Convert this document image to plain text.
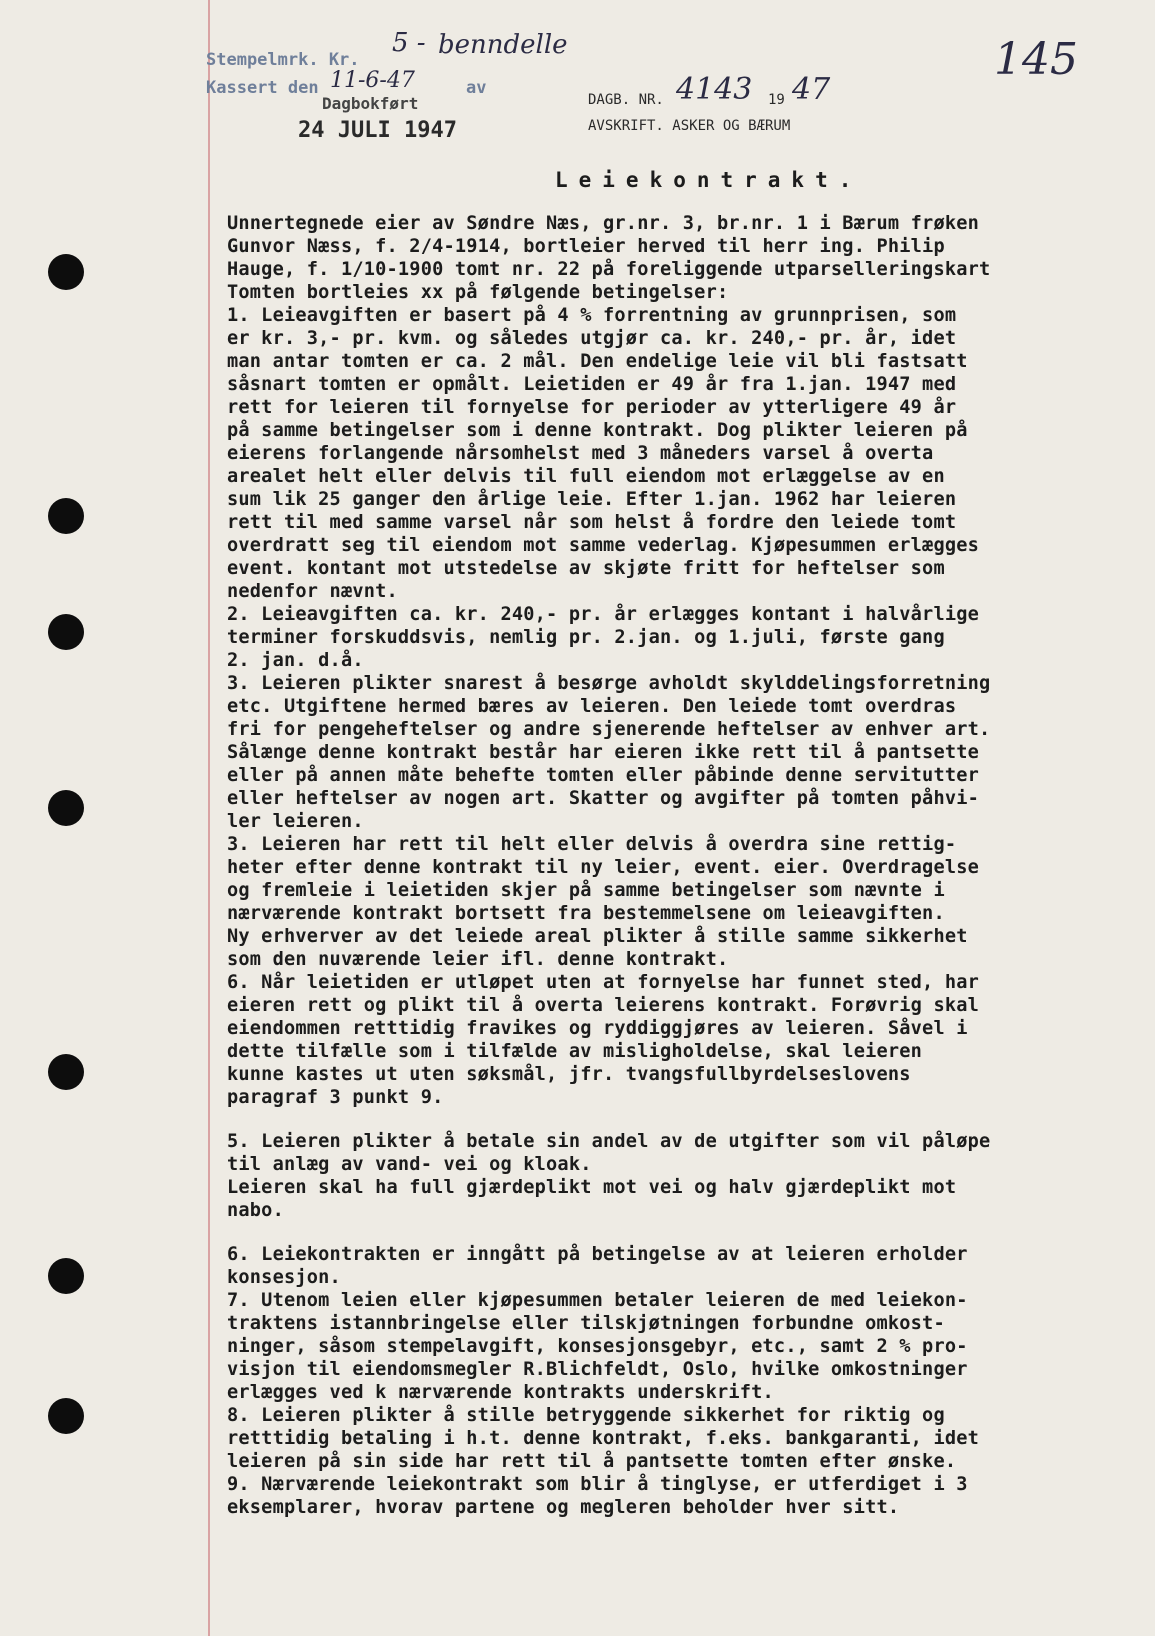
Stempelmrk. Kr.
5 -
Kassert den 11-6-47
benndelle
av
Dagbokført
24 JULI 1947
DAGB. NR. 4143 19 47
AVSKRIFT. ASKER OG BÆRUM
145
Leiekontrakt.
Unnertegnede eier av Søndre Næs, gr.nr. 3, br.nr. 1 i Bærum frøken
Gunvor Næss, f. 2/4-1914, bortleier herved til herr ing. Philip
Hauge, f. 1/10-1900 tomt nr. 22 på foreliggende utparselleringskart
Tomten bortleies xx på følgende betingelser:
1. Leieavgiften er basert på 4 % forrentning av grunnprisen, som
er kr. 3,- pr. kvm. og således utgjør ca. kr. 240,- pr. år, idet
man antar tomten er ca. 2 mål. Den endelige leie vil bli fastsatt
såsnart tomten er opmålt. Leietiden er 49 år fra 1.jan. 1947 med
rett for leieren til fornyelse for perioder av ytterligere 49 år
på samme betingelser som i denne kontrakt. Dog plikter leieren på
eierens forlangende nårsomhelst med 3 måneders varsel å overta
arealet helt eller delvis til full eiendom mot erlæggelse av en
sum lik 25 ganger den årlige leie. Efter 1.jan. 1962 har leieren
rett til med samme varsel når som helst å fordre den leiede tomt
overdratt seg til eiendom mot samme vederlag. Kjøpesummen erlægges
event. kontant mot utstedelse av skjøte fritt for heftelser som
nedenfor nævnt.
2. Leieavgiften ca. kr. 240,- pr. år erlægges kontant i halvårlige
terminer forskuddsvis, nemlig pr. 2.jan. og 1.juli, første gang
2. jan. d.å.
3. Leieren plikter snarest å besørge avholdt skylddelingsforretning
etc. Utgiftene hermed bæres av leieren. Den leiede tomt overdras
fri for pengeheftelser og andre sjenerende heftelser av enhver art.
Sålænge denne kontrakt består har eieren ikke rett til å pantsette
eller på annen måte behefte tomten eller påbinde denne servitutter
eller heftelser av nogen art. Skatter og avgifter på tomten påhvi-
ler leieren.
3. Leieren har rett til helt eller delvis å overdra sine rettig-
heter efter denne kontrakt til ny leier, event. eier. Overdragelse
og fremleie i leietiden skjer på samme betingelser som nævnte i
nærværende kontrakt bortsett fra bestemmelsene om leieavgiften.
Ny erhverver av det leiede areal plikter å stille samme sikkerhet
som den nuværende leier ifl. denne kontrakt.
6. Når leietiden er utløpet uten at fornyelse har funnet sted, har
eieren rett og plikt til å overta leierens kontrakt. Forøvrig skal
eiendommen retttidig fravikes og ryddiggjøres av leieren. Såvel i
dette tilfælle som i tilfælde av misligholdelse, skal leieren
kunne kastes ut uten søksmål, jfr. tvangsfullbyrdelseslovens
paragraf 3 punkt 9.
5. Leieren plikter å betale sin andel av de utgifter som vil påløpe
til anlæg av vand- vei og kloak.
Leieren skal ha full gjærdeplikt mot vei og halv gjærdeplikt mot
nabo.
6. Leiekontrakten er inngått på betingelse av at leieren erholder
konsesjon.
7. Utenom leien eller kjøpesummen betaler leieren de med leiekon-
traktens istannbringelse eller tilskjøtningen forbundne omkost-
ninger, såsom stempelavgift, konsesjonsgebyr, etc., samt 2 % pro-
visjon til eiendomsmegler R.Blichfeldt, Oslo, hvilke omkostninger
erlægges ved k nærværende kontrakts underskrift.
8. Leieren plikter å stille betryggende sikkerhet for riktig og
retttidig betaling i h.t. denne kontrakt, f.eks. bankgaranti, idet
leieren på sin side har rett til å pantsette tomten efter ønske.
9. Nærværende leiekontrakt som blir å tinglyse, er utferdiget i 3
eksemplarer, hvorav partene og megleren beholder hver sitt.
